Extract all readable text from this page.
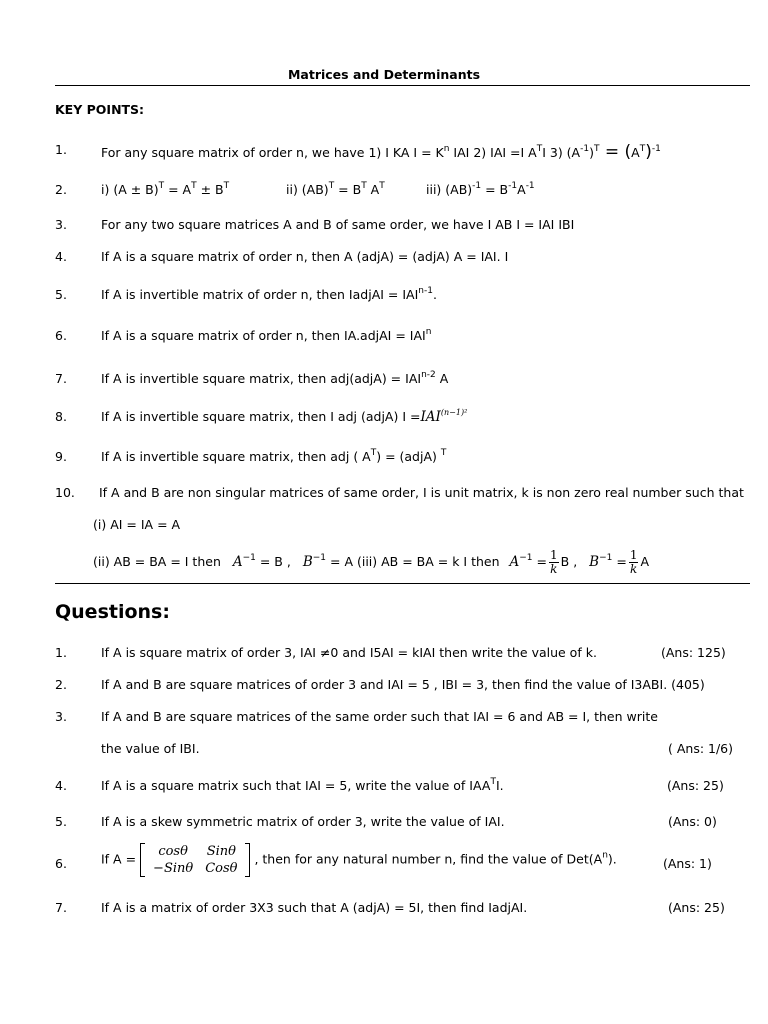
Matrices and Determinants
KEY POINTS:
1.	For any square matrix of order n, we have 1) I KA $I = K^n$ IAI 2) IAI =I $A^TI$ 3) $(A^{-1})^T = (A^T)^{-1}$
2.	i) $(A \pm B)^T = A^T \pm B^T$	ii) $(AB)^T = B^T$ $A^T$	iii) $(AB)^{-1} = B^{-1}A^{-1}$
3.	For any two square matrices A and B of same order, we have I AB I = IAI IBI
4.	If A is a square matrix of order n, then A (adjA) = (adjA) A = IAI. I
5.	If A is invertible matrix of order n, then IadjAI = $IAI^{n-1}$.
6.	If A is a square matrix of order n, then IA.adjAI = $IAI^n$
7.	If A is invertible square matrix, then adj(adjA) = $IAI^{n-2}$ A
8.	If A is invertible square matrix, then I adj (adjA) $I =IAI^{(n-1)^2}$
9.	If A is invertible square matrix, then adj ( $A^T$) = (adjA) $^T$
10. If A and B are non singular matrices of same order, I is unit matrix, k is non zero real number such that
(i) AI = IA = A
(ii) AB = BA = I then $A^{-1} = B$ , $B^{-1} = A$ (iii) AB = BA = k I then $A^{-1} = \frac{1}{k}$ B , $B^{-1} = \frac{1}{k}$ A
Questions:
1.	If A is square matrix of order 3, IAI ≠0 and I5AI = kIAI then write the value of k.	(Ans: 125)
2.	If A and B are square matrices of order 3 and IAI = 5 , IBI = 3, then find the value of I3ABI. (405)
3.	If A and B are square matrices of the same order such that IAI = 6 and AB = I, then write
the value of IBI.	( Ans: 1/6)
4.	If A is a square matrix such that IAI = 5, write the value of $IAA^TI$.	(Ans: 25)
5.	If A is a skew symmetric matrix of order 3, write the value of IAI.	(Ans: 0)
6.	If A = cosθ	Sinθ
−Sinθ	Cosθ
, then for any natural number n, find the value of $Det(A^n)$.	(Ans: 1)
7.	If A is a matrix of order 3X3 such that A (adjA) = 5I, then find IadjAI.	(Ans: 25)
